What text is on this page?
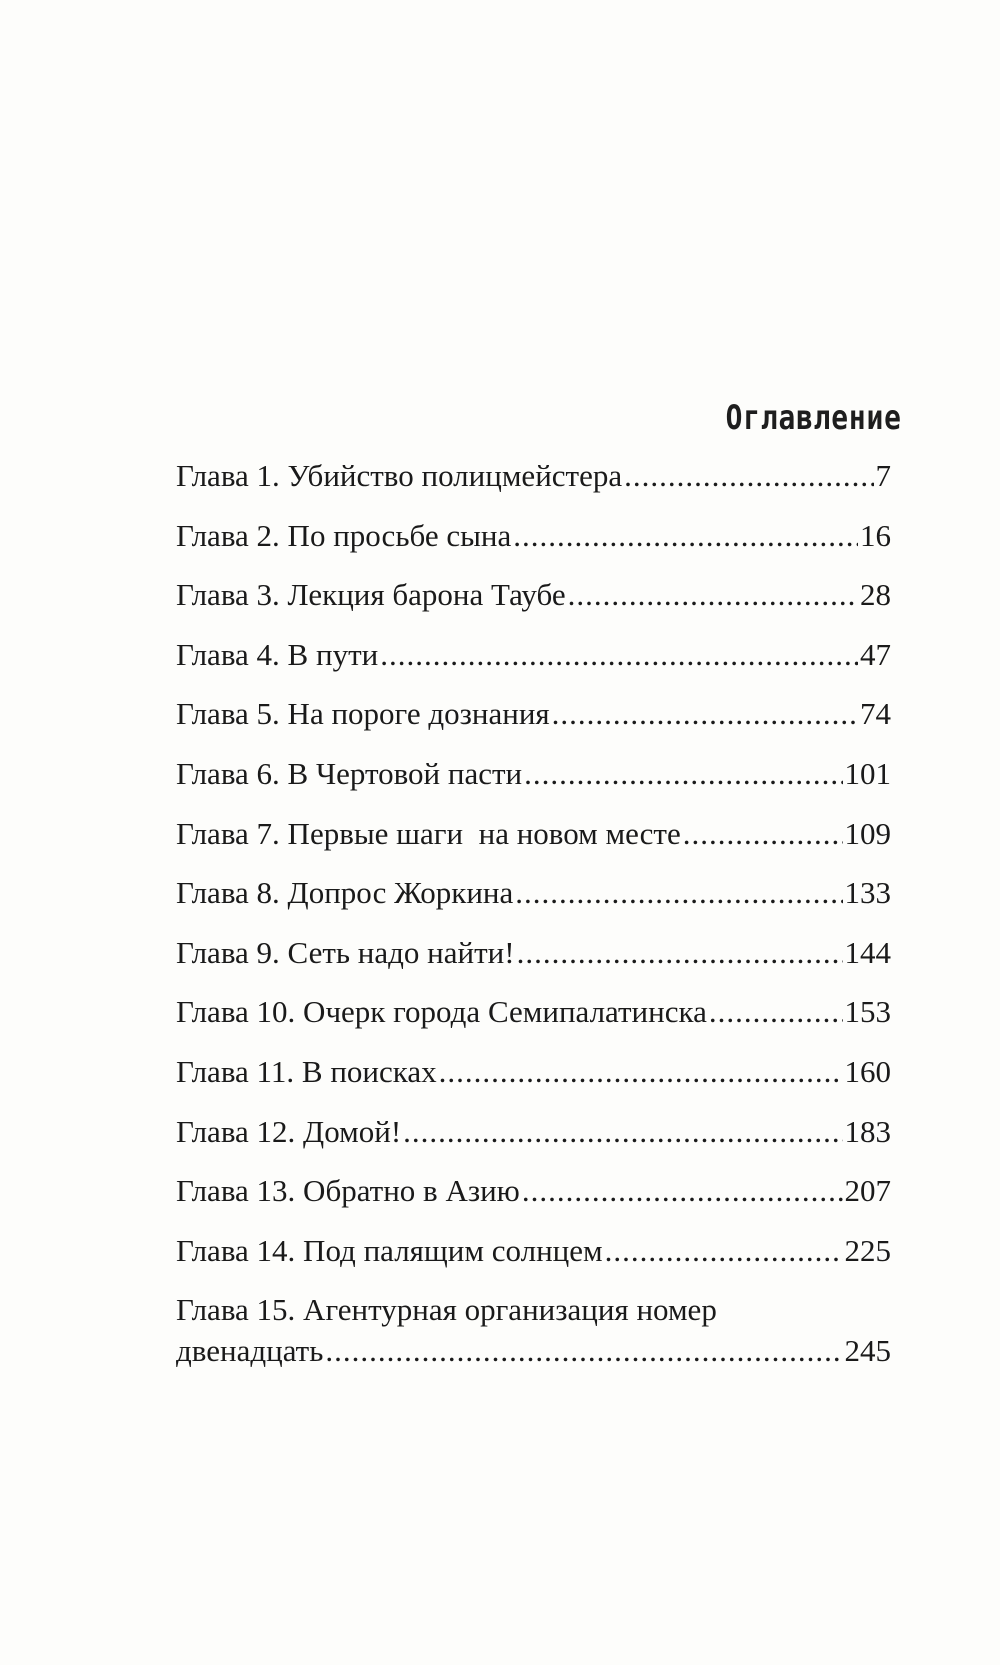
Оглавление
Глава 1. Убийство полицмейстера .....	7
Глава 2. По просьбе сына .....	16
Глава 3. Лекция барона Таубе .....	28
Глава 4. В пути .....	47
Глава 5. На пороге дознания .....	74
Глава 6. В Чертовой пасти .....	101
Глава 7. Первые шаги  на новом месте .....	109
Глава 8. Допрос Жоркина .....	133
Глава 9. Сеть надо найти! .....	144
Глава 10. Очерк города Семипалатинска .....	153
Глава 11. В поисках .....	160
Глава 12. Домой! .....	183
Глава 13. Обратно в Азию .....	207
Глава 14. Под палящим солнцем .....	225
Глава 15. Агентурная организация номер
двенадцать .....	245
